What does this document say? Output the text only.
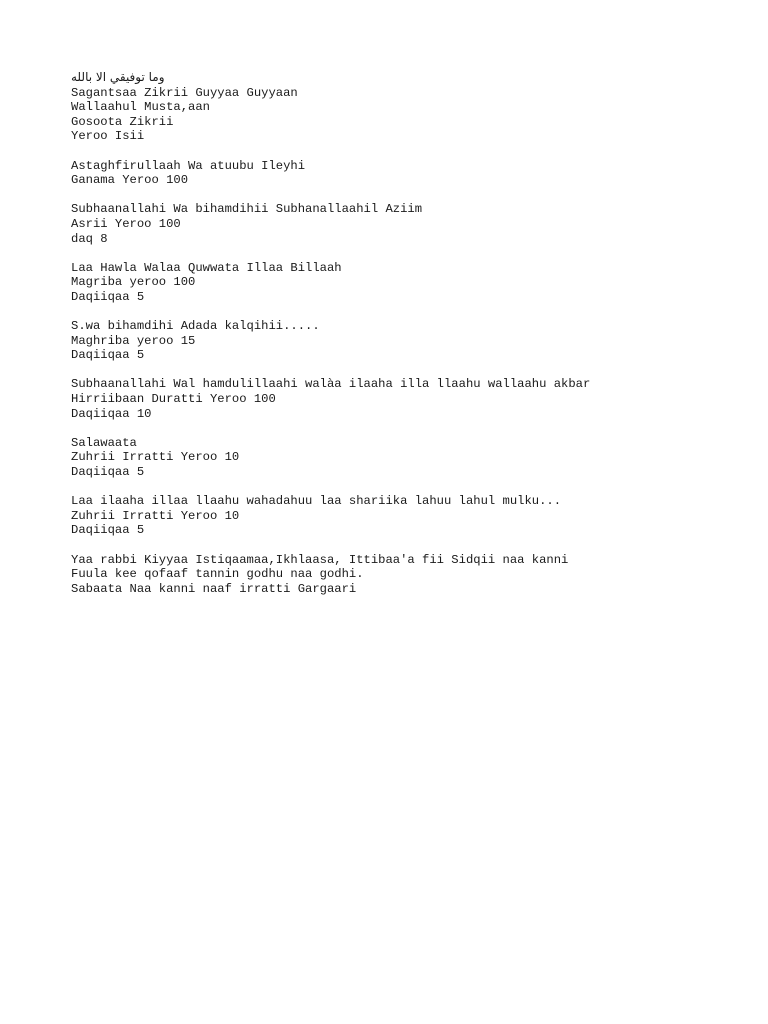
وما توفيقي الا بالله
Sagantsaa Zikrii Guyyaa Guyyaan
Wallaahul Musta,aan
Gosoota Zikrii
Yeroo Isii
Astaghfirullaah Wa atuubu Ileyhi
Ganama Yeroo 100
Subhaanallahi Wa bihamdihii Subhanallaahil Aziim
Asrii Yeroo 100
daq 8
Laa Hawla Walaa Quwwata Illaa Billaah
Magriba yeroo 100
Daqiiqaa 5
S.wa bihamdihi Adada kalqihii.....
Maghriba yeroo 15
Daqiiqaa 5
Subhaanallahi Wal hamdulillaahi walàa ilaaha illa llaahu wallaahu akbar
Hirriibaan Duratti Yeroo 100
Daqiiqaa 10
Salawaata
Zuhrii Irratti Yeroo 10
Daqiiqaa 5
Laa ilaaha illaa llaahu wahadahuu laa shariika lahuu lahul mulku...
Zuhrii Irratti Yeroo 10
Daqiiqaa 5
Yaa rabbi Kiyyaa Istiqaamaa,Ikhlaasa, Ittibaa'a fii Sidqii naa kanni
Fuula kee qofaaf tannin godhu naa godhi.
Sabaata Naa kanni naaf irratti Gargaari
